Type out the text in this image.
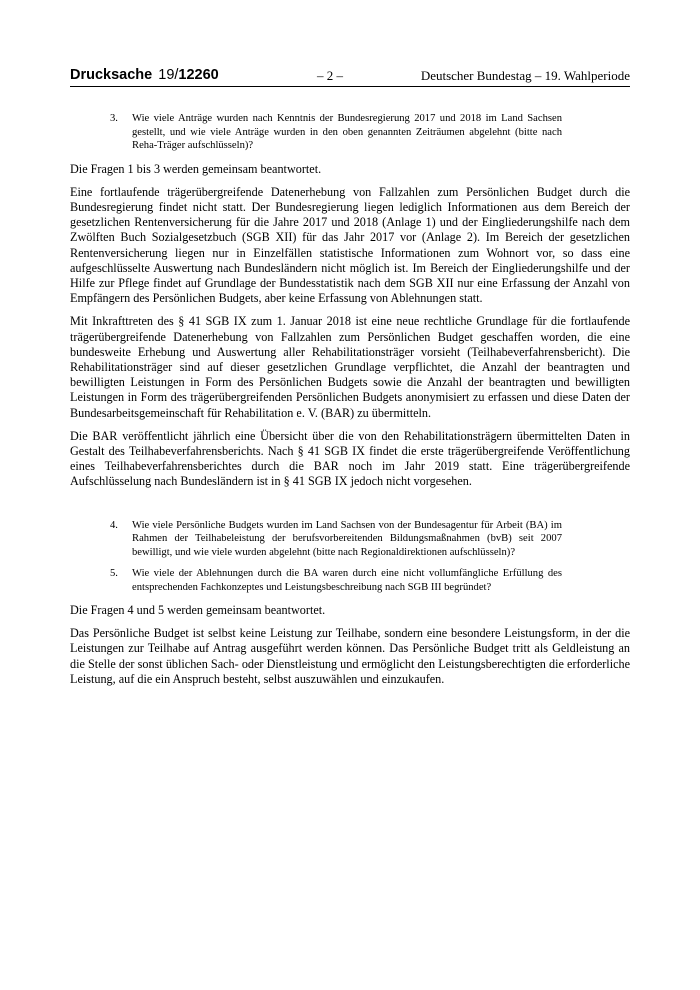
Drucksache 19/12260	– 2 –	Deutscher Bundestag – 19. Wahlperiode
3.	Wie viele Anträge wurden nach Kenntnis der Bundesregierung 2017 und 2018 im Land Sachsen gestellt, und wie viele Anträge wurden in den oben genannten Zeiträumen abgelehnt (bitte nach Reha-Träger aufschlüsseln)?

Die Fragen 1 bis 3 werden gemeinsam beantwortet.

Eine fortlaufende trägerübergreifende Datenerhebung von Fallzahlen zum Persönlichen Budget durch die Bundesregierung findet nicht statt. Der Bundesregierung liegen lediglich Informationen aus dem Bereich der gesetzlichen Rentenversicherung für die Jahre 2017 und 2018 (Anlage 1) und der Eingliederungshilfe nach dem Zwölften Buch Sozialgesetzbuch (SGB XII) für das Jahr 2017 vor (Anlage 2). Im Bereich der gesetzlichen Rentenversicherung liegen nur in Einzelfällen statistische Informationen zum Wohnort vor, so dass eine aufgeschlüsselte Auswertung nach Bundesländern nicht möglich ist. Im Bereich der Eingliederungshilfe und der Hilfe zur Pflege findet auf Grundlage der Bundesstatistik nach dem SGB XII nur eine Erfassung der Anzahl von Empfängern des Persönlichen Budgets, aber keine Erfassung von Ablehnungen statt.

Mit Inkrafttreten des § 41 SGB IX zum 1. Januar 2018 ist eine neue rechtliche Grundlage für die fortlaufende trägerübergreifende Datenerhebung von Fallzahlen zum Persönlichen Budget geschaffen worden, die eine bundesweite Erhebung und Auswertung aller Rehabilitationsträger vorsieht (Teilhabeverfahrensbericht). Die Rehabilitationsträger sind auf dieser gesetzlichen Grundlage verpflichtet, die Anzahl der beantragten und bewilligten Leistungen in Form des Persönlichen Budgets sowie die Anzahl der beantragten und bewilligten Leistungen in Form des trägerübergreifenden Persönlichen Budgets anonymisiert zu erfassen und diese Daten der Bundesarbeitsgemeinschaft für Rehabilitation e. V. (BAR) zu übermitteln.

Die BAR veröffentlicht jährlich eine Übersicht über die von den Rehabilitationsträgern übermittelten Daten in Gestalt des Teilhabeverfahrensberichts. Nach § 41 SGB IX findet die erste trägerübergreifende Veröffentlichung eines Teilhabeverfahrensberichtes durch die BAR noch im Jahr 2019 statt. Eine trägerübergreifende Aufschlüsselung nach Bundesländern ist in § 41 SGB IX jedoch nicht vorgesehen.

4.	Wie viele Persönliche Budgets wurden im Land Sachsen von der Bundesagentur für Arbeit (BA) im Rahmen der Teilhabeleistung der berufsvorbereitenden Bildungsmaßnahmen (bvB) seit 2007 bewilligt, und wie viele wurden abgelehnt (bitte nach Regionaldirektionen aufschlüsseln)?
5.	Wie viele der Ablehnungen durch die BA waren durch eine nicht vollumfängliche Erfüllung des entsprechenden Fachkonzeptes und Leistungsbeschreibung nach SGB III begründet?

Die Fragen 4 und 5 werden gemeinsam beantwortet.

Das Persönliche Budget ist selbst keine Leistung zur Teilhabe, sondern eine besondere Leistungsform, in der die Leistungen zur Teilhabe auf Antrag ausgeführt werden können. Das Persönliche Budget tritt als Geldleistung an die Stelle der sonst üblichen Sach- oder Dienstleistung und ermöglicht den Leistungsberechtigten die erforderliche Leistung, auf die ein Anspruch besteht, selbst auszuwählen und einzukaufen.
